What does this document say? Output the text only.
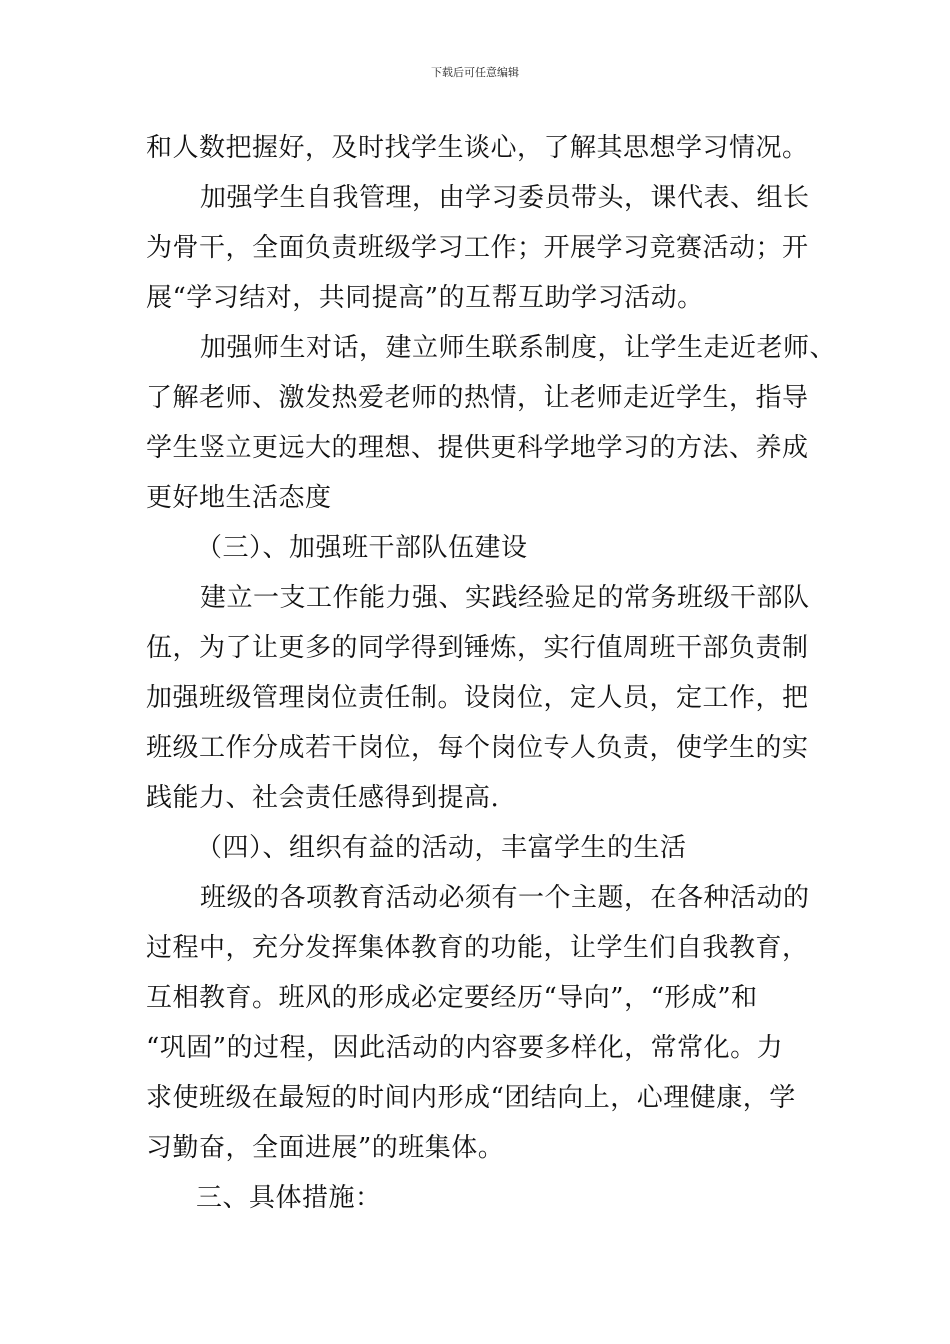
下载后可任意编辑
和人数把握好，及时找学生谈心，了解其思想学习情况。
加强学生自我管理，由学习委员带头，课代表、组长
为骨干，全面负责班级学习工作；开展学习竞赛活动；开
展“学习结对，共同提高”的互帮互助学习活动。
加强师生对话，建立师生联系制度，让学生走近老师、
了解老师、激发热爱老师的热情，让老师走近学生，指导
学生竖立更远大的理想、提供更科学地学习的方法、养成
更好地生活态度
（三）、加强班干部队伍建设
建立一支工作能力强、实践经验足的常务班级干部队
伍，为了让更多的同学得到锤炼，实行值周班干部负责制
加强班级管理岗位责任制。设岗位，定人员，定工作，把
班级工作分成若干岗位，每个岗位专人负责，使学生的实
践能力、社会责任感得到提高.
（四）、组织有益的活动，丰富学生的生活
班级的各项教育活动必须有一个主题，在各种活动的
过程中，充分发挥集体教育的功能，让学生们自我教育，
互相教育。班风的形成必定要经历“导向”，“形成”和
“巩固”的过程，因此活动的内容要多样化，常常化。力
求使班级在最短的时间内形成“团结向上，心理健康，学
习勤奋，全面进展”的班集体。
三、具体措施：
